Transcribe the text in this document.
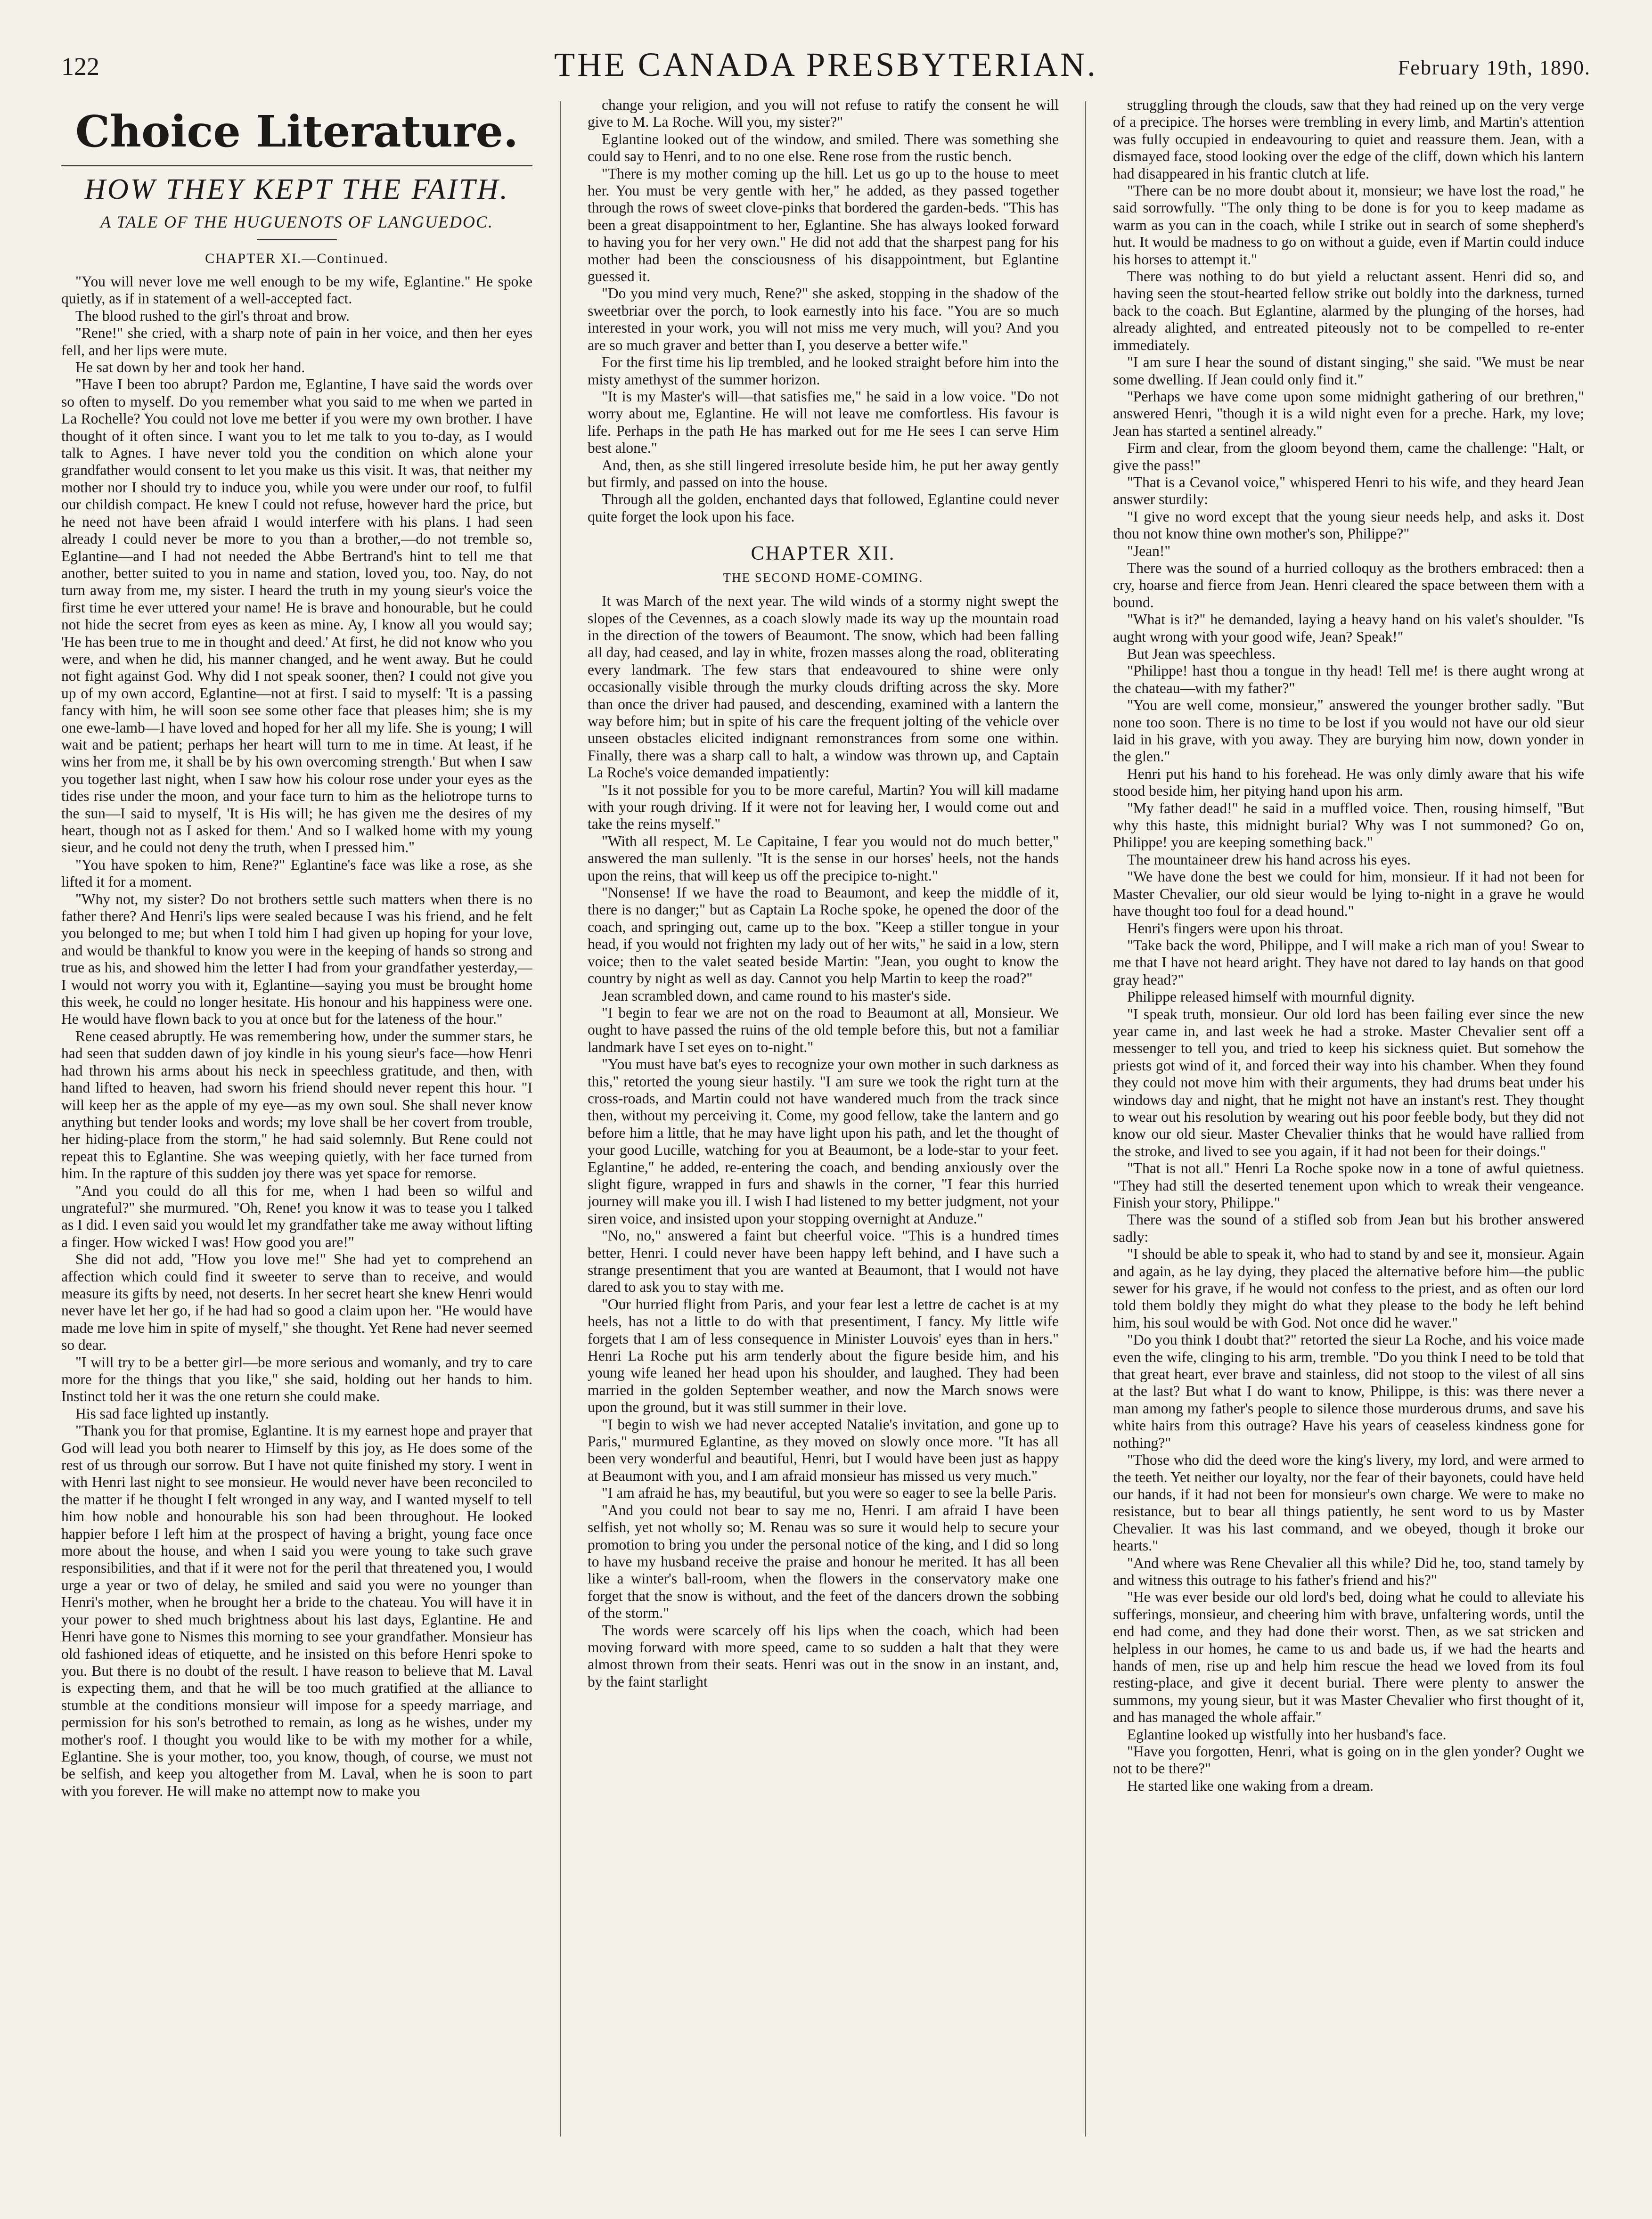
122	THE CANADA PRESBYTERIAN.	February 19th, 1890.
Choice Literature.
HOW THEY KEPT THE FAITH.
A TALE OF THE HUGUENOTS OF LANGUEDOC.
CHAPTER XI.—Continued.

"You will never love me well enough to be my wife, Eglantine." He spoke quietly, as if in statement of a well-accepted fact.

The blood rushed to the girl's throat and brow.

"Rene!" she cried, with a sharp note of pain in her voice, and then her eyes fell, and her lips were mute.

He sat down by her and took her hand.

"Have I been too abrupt? Pardon me, Eglantine, I have said the words over so often to myself. Do you remember what you said to me when we parted in La Rochelle? You could not love me better if you were my own brother. I have thought of it often since. I want you to let me talk to you to-day, as I would talk to Agnes. I have never told you the condition on which alone your grandfather would consent to let you make us this visit. It was, that neither my mother nor I should try to induce you, while you were under our roof, to fulfil our childish compact. He knew I could not refuse, however hard the price, but he need not have been afraid I would interfere with his plans. I had seen already I could never be more to you than a brother,—do not tremble so, Eglantine—and I had not needed the Abbe Bertrand's hint to tell me that another, better suited to you in name and station, loved you, too. Nay, do not turn away from me, my sister. I heard the truth in my young sieur's voice the first time he ever uttered your name! He is brave and honourable, but he could not hide the secret from eyes as keen as mine. Ay, I know all you would say; 'He has been true to me in thought and deed.' At first, he did not know who you were, and when he did, his manner changed, and he went away. But he could not fight against God. Why did I not speak sooner, then? I could not give you up of my own accord, Eglantine—not at first. I said to myself: 'It is a passing fancy with him, he will soon see some other face that pleases him; she is my one ewe-lamb—I have loved and hoped for her all my life. She is young; I will wait and be patient; perhaps her heart will turn to me in time. At least, if he wins her from me, it shall be by his own overcoming strength.' But when I saw you together last night, when I saw how his colour rose under your eyes as the tides rise under the moon, and your face turn to him as the heliotrope turns to the sun—I said to myself, 'It is His will; he has given me the desires of my heart, though not as I asked for them.' And so I walked home with my young sieur, and he could not deny the truth, when I pressed him."

"You have spoken to him, Rene?" Eglantine's face was like a rose, as she lifted it for a moment.

"Why not, my sister? Do not brothers settle such matters when there is no father there? And Henri's lips were sealed because I was his friend, and he felt you belonged to me; but when I told him I had given up hoping for your love, and would be thankful to know you were in the keeping of hands so strong and true as his, and showed him the letter I had from your grandfather yesterday,—I would not worry you with it, Eglantine—saying you must be brought home this week, he could no longer hesitate. His honour and his happiness were one. He would have flown back to you at once but for the lateness of the hour."

Rene ceased abruptly. He was remembering how, under the summer stars, he had seen that sudden dawn of joy kindle in his young sieur's face—how Henri had thrown his arms about his neck in speechless gratitude, and then, with hand lifted to heaven, had sworn his friend should never repent this hour. "I will keep her as the apple of my eye—as my own soul. She shall never know anything but tender looks and words; my love shall be her covert from trouble, her hiding-place from the storm," he had said solemnly. But Rene could not repeat this to Eglantine. She was weeping quietly, with her face turned from him. In the rapture of this sudden joy there was yet space for remorse.

"And you could do all this for me, when I had been so wilful and ungrateful?" she murmured. "Oh, Rene! you know it was to tease you I talked as I did. I even said you would let my grandfather take me away without lifting a finger. How wicked I was! How good you are!"

She did not add, "How you love me!" She had yet to comprehend an affection which could find it sweeter to serve than to receive, and would measure its gifts by need, not deserts. In her secret heart she knew Henri would never have let her go, if he had had so good a claim upon her. "He would have made me love him in spite of myself," she thought. Yet Rene had never seemed so dear.

"I will try to be a better girl—be more serious and womanly, and try to care more for the things that you like," she said, holding out her hands to him. Instinct told her it was the one return she could make.

His sad face lighted up instantly.

"Thank you for that promise, Eglantine. It is my earnest hope and prayer that God will lead you both nearer to Himself by this joy, as He does some of the rest of us through our sorrow. But I have not quite finished my story. I went in with Henri last night to see monsieur. He would never have been reconciled to the matter if he thought I felt wronged in any way, and I wanted myself to tell him how noble and honourable his son had been throughout. He looked happier before I left him at the prospect of having a bright, young face once more about the house, and when I said you were young to take such grave responsibilities, and that if it were not for the peril that threatened you, I would urge a year or two of delay, he smiled and said you were no younger than Henri's mother, when he brought her a bride to the chateau. You will have it in your power to shed much brightness about his last days, Eglantine. He and Henri have gone to Nismes this morning to see your grandfather. Monsieur has old fashioned ideas of etiquette, and he insisted on this before Henri spoke to you. But there is no doubt of the result. I have reason to believe that M. Laval is expecting them, and that he will be too much gratified at the alliance to stumble at the conditions monsieur will impose for a speedy marriage, and permission for his son's betrothed to remain, as long as he wishes, under my mother's roof. I thought you would like to be with my mother for a while, Eglantine. She is your mother, too, you know, though, of course, we must not be selfish, and keep you altogether from M. Laval, when he is soon to part with you forever. He will make no attempt now to make you

change your religion, and you will not refuse to ratify the consent he will give to M. La Roche. Will you, my sister?"

Eglantine looked out of the window, and smiled. There was something she could say to Henri, and to no one else. Rene rose from the rustic bench.

"There is my mother coming up the hill. Let us go up to the house to meet her. You must be very gentle with her," he added, as they passed together through the rows of sweet clove-pinks that bordered the garden-beds. "This has been a great disappointment to her, Eglantine. She has always looked forward to having you for her very own." He did not add that the sharpest pang for his mother had been the consciousness of his disappointment, but Eglantine guessed it.

"Do you mind very much, Rene?" she asked, stopping in the shadow of the sweetbriar over the porch, to look earnestly into his face. "You are so much interested in your work, you will not miss me very much, will you? And you are so much graver and better than I, you deserve a better wife."

For the first time his lip trembled, and he looked straight before him into the misty amethyst of the summer horizon.

"It is my Master's will—that satisfies me," he said in a low voice. "Do not worry about me, Eglantine. He will not leave me comfortless. His favour is life. Perhaps in the path He has marked out for me He sees I can serve Him best alone."

And, then, as she still lingered irresolute beside him, he put her away gently but firmly, and passed on into the house.

Through all the golden, enchanted days that followed, Eglantine could never quite forget the look upon his face.

CHAPTER XII.
THE SECOND HOME-COMING.

It was March of the next year. The wild winds of a stormy night swept the slopes of the Cevennes, as a coach slowly made its way up the mountain road in the direction of the towers of Beaumont. The snow, which had been falling all day, had ceased, and lay in white, frozen masses along the road, obliterating every landmark. The few stars that endeavoured to shine were only occasionally visible through the murky clouds drifting across the sky. More than once the driver had paused, and descending, examined with a lantern the way before him; but in spite of his care the frequent jolting of the vehicle over unseen obstacles elicited indignant remonstrances from some one within. Finally, there was a sharp call to halt, a window was thrown up, and Captain La Roche's voice demanded impatiently:

"Is it not possible for you to be more careful, Martin? You will kill madame with your rough driving. If it were not for leaving her, I would come out and take the reins myself."

"With all respect, M. Le Capitaine, I fear you would not do much better," answered the man sullenly. "It is the sense in our horses' heels, not the hands upon the reins, that will keep us off the precipice to-night."

"Nonsense! If we have the road to Beaumont, and keep the middle of it, there is no danger;" but as Captain La Roche spoke, he opened the door of the coach, and springing out, came up to the box. "Keep a stiller tongue in your head, if you would not frighten my lady out of her wits," he said in a low, stern voice; then to the valet seated beside Martin: "Jean, you ought to know the country by night as well as day. Cannot you help Martin to keep the road?"

Jean scrambled down, and came round to his master's side.

"I begin to fear we are not on the road to Beaumont at all, Monsieur. We ought to have passed the ruins of the old temple before this, but not a familiar landmark have I set eyes on to-night."

"You must have bat's eyes to recognize your own mother in such darkness as this," retorted the young sieur hastily. "I am sure we took the right turn at the cross-roads, and Martin could not have wandered much from the track since then, without my perceiving it. Come, my good fellow, take the lantern and go before him a little, that he may have light upon his path, and let the thought of your good Lucille, watching for you at Beaumont, be a lode-star to your feet. Eglantine," he added, re-entering the coach, and bending anxiously over the slight figure, wrapped in furs and shawls in the corner, "I fear this hurried journey will make you ill. I wish I had listened to my better judgment, not your siren voice, and insisted upon your stopping overnight at Anduze."

"No, no," answered a faint but cheerful voice. "This is a hundred times better, Henri. I could never have been happy left behind, and I have such a strange presentiment that you are wanted at Beaumont, that I would not have dared to ask you to stay with me.

"Our hurried flight from Paris, and your fear lest a lettre de cachet is at my heels, has not a little to do with that presentiment, I fancy. My little wife forgets that I am of less consequence in Minister Louvois' eyes than in hers." Henri La Roche put his arm tenderly about the figure beside him, and his young wife leaned her head upon his shoulder, and laughed. They had been married in the golden September weather, and now the March snows were upon the ground, but it was still summer in their love.

"I begin to wish we had never accepted Natalie's invitation, and gone up to Paris," murmured Eglantine, as they moved on slowly once more. "It has all been very wonderful and beautiful, Henri, but I would have been just as happy at Beaumont with you, and I am afraid monsieur has missed us very much."

"I am afraid he has, my beautiful, but you were so eager to see la belle Paris.

"And you could not bear to say me no, Henri. I am afraid I have been selfish, yet not wholly so; M. Renau was so sure it would help to secure your promotion to bring you under the personal notice of the king, and I did so long to have my husband receive the praise and honour he merited. It has all been like a winter's ball-room, when the flowers in the conservatory make one forget that the snow is without, and the feet of the dancers drown the sobbing of the storm."

The words were scarcely off his lips when the coach, which had been moving forward with more speed, came to so sudden a halt that they were almost thrown from their seats. Henri was out in the snow in an instant, and, by the faint starlight

struggling through the clouds, saw that they had reined up on the very verge of a precipice. The horses were trembling in every limb, and Martin's attention was fully occupied in endeavouring to quiet and reassure them. Jean, with a dismayed face, stood looking over the edge of the cliff, down which his lantern had disappeared in his frantic clutch at life.

"There can be no more doubt about it, monsieur; we have lost the road," he said sorrowfully. "The only thing to be done is for you to keep madame as warm as you can in the coach, while I strike out in search of some shepherd's hut. It would be madness to go on without a guide, even if Martin could induce his horses to attempt it."

There was nothing to do but yield a reluctant assent. Henri did so, and having seen the stout-hearted fellow strike out boldly into the darkness, turned back to the coach. But Eglantine, alarmed by the plunging of the horses, had already alighted, and entreated piteously not to be compelled to re-enter immediately.

"I am sure I hear the sound of distant singing," she said. "We must be near some dwelling. If Jean could only find it."

"Perhaps we have come upon some midnight gathering of our brethren," answered Henri, "though it is a wild night even for a preche. Hark, my love; Jean has started a sentinel already."

Firm and clear, from the gloom beyond them, came the challenge: "Halt, or give the pass!"

"That is a Cevanol voice," whispered Henri to his wife, and they heard Jean answer sturdily:

"I give no word except that the young sieur needs help, and asks it. Dost thou not know thine own mother's son, Philippe?"

"Jean!"

There was the sound of a hurried colloquy as the brothers embraced: then a cry, hoarse and fierce from Jean. Henri cleared the space between them with a bound.

"What is it?" he demanded, laying a heavy hand on his valet's shoulder. "Is aught wrong with your good wife, Jean? Speak!"

But Jean was speechless.

"Philippe! hast thou a tongue in thy head! Tell me! is there aught wrong at the chateau—with my father?"

"You are well come, monsieur," answered the younger brother sadly. "But none too soon. There is no time to be lost if you would not have our old sieur laid in his grave, with you away. They are burying him now, down yonder in the glen."

Henri put his hand to his forehead. He was only dimly aware that his wife stood beside him, her pitying hand upon his arm.

"My father dead!" he said in a muffled voice. Then, rousing himself, "But why this haste, this midnight burial? Why was I not summoned? Go on, Philippe! you are keeping something back."

The mountaineer drew his hand across his eyes.

"We have done the best we could for him, monsieur. If it had not been for Master Chevalier, our old sieur would be lying to-night in a grave he would have thought too foul for a dead hound."

Henri's fingers were upon his throat.

"Take back the word, Philippe, and I will make a rich man of you! Swear to me that I have not heard aright. They have not dared to lay hands on that good gray head?"

Philippe released himself with mournful dignity.

"I speak truth, monsieur. Our old lord has been failing ever since the new year came in, and last week he had a stroke. Master Chevalier sent off a messenger to tell you, and tried to keep his sickness quiet. But somehow the priests got wind of it, and forced their way into his chamber. When they found they could not move him with their arguments, they had drums beat under his windows day and night, that he might not have an instant's rest. They thought to wear out his resolution by wearing out his poor feeble body, but they did not know our old sieur. Master Chevalier thinks that he would have rallied from the stroke, and lived to see you again, if it had not been for their doings."

"That is not all." Henri La Roche spoke now in a tone of awful quietness. "They had still the deserted tenement upon which to wreak their vengeance. Finish your story, Philippe."

There was the sound of a stifled sob from Jean but his brother answered sadly:

"I should be able to speak it, who had to stand by and see it, monsieur. Again and again, as he lay dying, they placed the alternative before him—the public sewer for his grave, if he would not confess to the priest, and as often our lord told them boldly they might do what they please to the body he left behind him, his soul would be with God. Not once did he waver."

"Do you think I doubt that?" retorted the sieur La Roche, and his voice made even the wife, clinging to his arm, tremble. "Do you think I need to be told that that great heart, ever brave and stainless, did not stoop to the vilest of all sins at the last? But what I do want to know, Philippe, is this: was there never a man among my father's people to silence those murderous drums, and save his white hairs from this outrage? Have his years of ceaseless kindness gone for nothing?"

"Those who did the deed wore the king's livery, my lord, and were armed to the teeth. Yet neither our loyalty, nor the fear of their bayonets, could have held our hands, if it had not been for monsieur's own charge. We were to make no resistance, but to bear all things patiently, he sent word to us by Master Chevalier. It was his last command, and we obeyed, though it broke our hearts."

"And where was Rene Chevalier all this while? Did he, too, stand tamely by and witness this outrage to his father's friend and his?"

"He was ever beside our old lord's bed, doing what he could to alleviate his sufferings, monsieur, and cheering him with brave, unfaltering words, until the end had come, and they had done their worst. Then, as we sat stricken and helpless in our homes, he came to us and bade us, if we had the hearts and hands of men, rise up and help him rescue the head we loved from its foul resting-place, and give it decent burial. There were plenty to answer the summons, my young sieur, but it was Master Chevalier who first thought of it, and has managed the whole affair."

Eglantine looked up wistfully into her husband's face.

"Have you forgotten, Henri, what is going on in the glen yonder? Ought we not to be there?"

He started like one waking from a dream.
